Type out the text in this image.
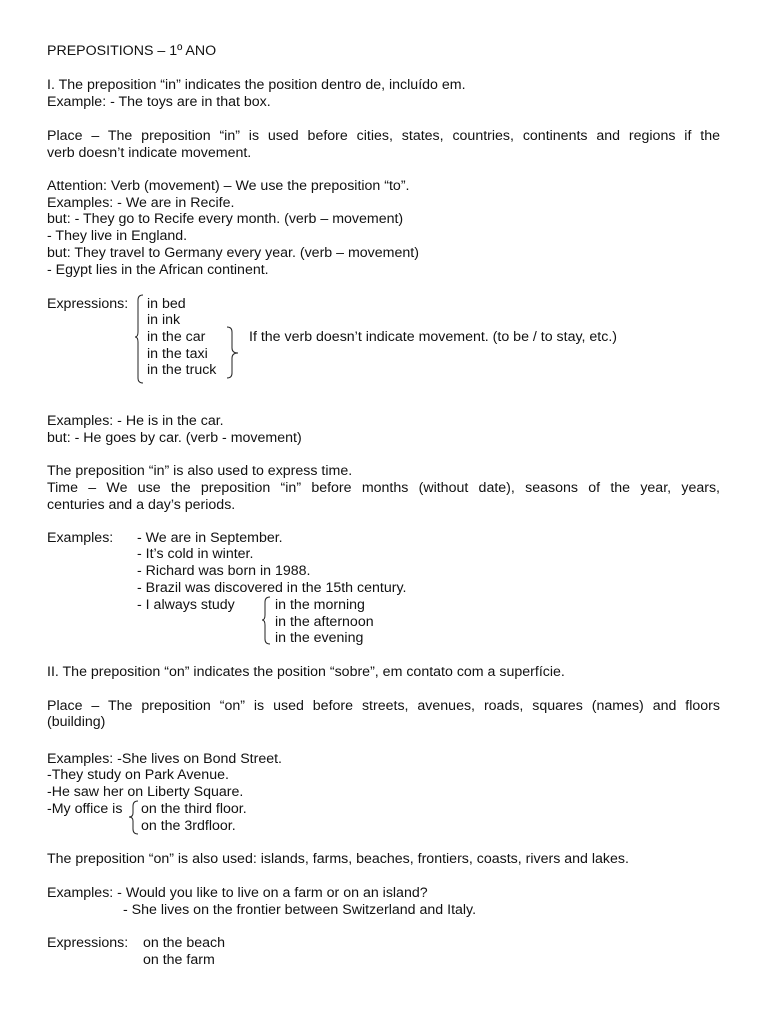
PREPOSITIONS – 1º ANO
I. The preposition “in” indicates the position dentro de, incluído em.
Example: - The toys are in that box.
Place – The preposition “in” is used before cities, states, countries, continents and regions if the
verb doesn’t indicate movement.
Attention: Verb (movement) – We use the preposition “to”.
Examples: - We are in Recife.
but: - They go to Recife every month. (verb – movement)
- They live in England.
but: They travel to Germany every year. (verb – movement)
- Egypt lies in the African continent.
Expressions: in bed
in ink
in the car
in the taxi
in the truck
If the verb doesn’t indicate movement. (to be / to stay, etc.)
Examples: - He is in the car.
but: - He goes by car. (verb - movement)
The preposition “in” is also used to express time.
Time – We use the preposition “in” before months (without date), seasons of the year, years,
centuries and a day’s periods.
Examples: - We are in September.
- It’s cold in winter.
- Richard was born in 1988.
- Brazil was discovered in the 15th century.
- I always study	in the morning
in the afternoon
in the evening
II. The preposition “on” indicates the position “sobre”, em contato com a superfície.
Place – The preposition “on” is used before streets, avenues, roads, squares (names) and floors
(building)
Examples: -She lives on Bond Street.
-They study on Park Avenue.
-He saw her on Liberty Square.
-My office is on the third floor.
on the 3rdfloor.
The preposition “on” is also used: islands, farms, beaches, frontiers, coasts, rivers and lakes.
Examples: - Would you like to live on a farm or on an island?
- She lives on the frontier between Switzerland and Italy.
Expressions: on the beach
on the farm
